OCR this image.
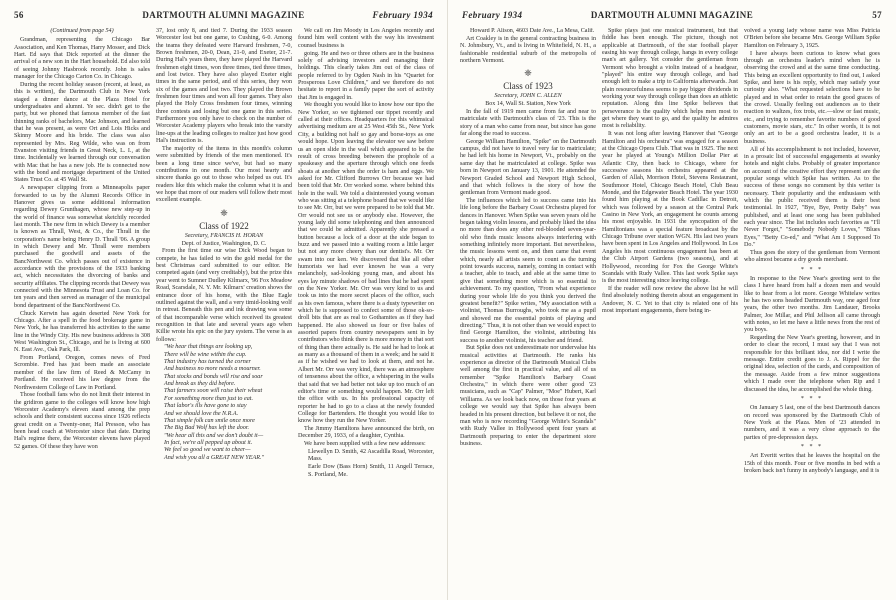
56	DARTMOUTH ALUMNI MAGAZINE	February 1934

(Continued from page 54)

Grandman, representing the Chicago Bar Association, and Ken Thomas, Harry Mosser, and Dick Hart. Ed says that Dick reported at the dinner the arrival of a new son in the Hart household. Ed also told of seeing Johnny Hasbrook recently. John is sales manager for the Chicago Carton Co. in Chicago.

During the recent holiday season (recent, at least, as this is written), the Dartmouth Club in New York staged a dinner dance at the Plaza Hotel for undergraduates and alumni. Ye sec. didn't get to the party, but we phoned that famous member of the fast thinning ranks of bachelors, Mac Johnson, and learned that he was present, as were Ort and Lois Hicks and Skinny Moore and his bride. The class was also represented by Mrs. Reg Wilde, who was on from Evanston visiting friends in Great Neck, L. I., at the time. Incidentally we learned through our conversation with Mac that he has a new job. He is connected now with the bond and mortgage department of the United States Trust Co. at 45 Wall St.

A newspaper clipping from a Minneapolis paper forwarded to us by the Alumni Records Office in Hanover gives us some additional information regarding Dewey Grunthagen, whose new step-up in the world of finance was somewhat sketchily recorded last month. The new firm in which Dewey is a member is known as Thrall, West, & Co., the Thrall in the corporation's name being Henry D. Thrall '06. A group in which Dewey and Mr. Thrall were members purchased the goodwill and assets of the BancNorthwest Co. which passes out of existence in accordance with the provisions of the 1933 banking act, which necessitates the divorcing of banks and security affiliates. The clipping records that Dewey was connected with the Minnesota Trust and Loan Co. for ten years and then served as manager of the municipal bond department of the BancNorthwest Co.

Chuck Kerwin has again deserted New York for Chicago. After a spell in the food brokerage game in New York, he has transferred his activities to the same line in the Windy City. His new business address is 308 West Washington St., Chicago, and he is living at 600 N. East Ave., Oak Park, Ill.

From Portland, Oregon, comes news of Fred Scrombie. Fred has just been made an associate member of the law firm of Reed & McCamy in Portland. He received his law degree from the Northwestern College of Law in Portland.

Those football fans who do not limit their interest in the gridiron game to the colleges will know how high Worcester Academy's eleven stand among the prep schools and their consistent success since 1926 reflects great credit on a Twenty-oner, Hal Presson, who has been head coach at Worcester since that date. During Hal's regime there, the Worcester elevens have played 52 games. Of these they have won

37, lost only 8, and tied 7. During the 1933 season Worcester lost but one game, to Cushing, 6-0. Among the teams they defeated were Harvard freshmen, 7-0, Brown freshmen, 20-0, Dean, 21-0, and Exeter, 21-7. During Hal's years there, they have played the Harvard freshmen eight times, won three times, tied three times, and lost twice. They have also played Exeter eight times in the same period, and of this series, they won six of the games and lost two. They played the Brown freshmen four times and won all four games. They also played the Holy Cross freshmen four times, winning three contests and losing but one game in this series. Furthermore you only have to check on the number of Worcester Academy players who break into the varsity line-ups at the leading colleges to realize just how good Hal's instruction is.

The majority of the items in this month's column were submitted by friends of the men mentioned. It's been a long time since we've, but had so many contributions in one month. Our most hearty and sincere thanks go out to those who helped us out. It's readers like this which make the column what it is and we hope that more of our readers will follow their most excellent example.

❈
Class of 1922

Secretary, FRANCIS H. HORAN

Dept. of Justice, Washington, D. C.

From the first time our wise Dick Wood began to compete, he has failed to win the gold medal for the best Christmas card submitted to our editor. He competed again (and very creditably), but the prize this year went to Sumner Dudley Kilmarx, '96 Fox Meadow Road, Scarsdale, N. Y. Mr. Kilmarx' creation shows the entrance door of his home, with the Blue Eagle outlined against the wall, and a very timid-looking wolf in retreat. Beneath this pen and ink drawing was some of that incomparable verse which received its greatest recognition in that late and several years ago when Killie wrote his epic on the jury system. The verse is as follows:

"We hear that things are looking up,

There will be wine within the cup.

That industry has turned the corner

And business no more needs a mourner.

That stocks and bonds will rise and soar

And break as they did before.

That farmers soon will raise their wheat

For something more than just to eat.

That labor's ills have gone to stay

And we should love the N.R.A.

That simple folk can smile once more

The Big Bad Wolf has left the door.

"We hear all this and we don't doubt it—

In fact, we're all pepped up about it.

We feel so good we want to cheer—

And wish you all a GREAT NEW YEAR."

We call on Jim Moody in Los Angeles recently and found him well content with the way his investment counsel business is

going. He and two or three others are in the business solely of advising investors and managing their holdings. This clearly takes Jim out of the class of people referred to by Ogden Nash in his "Quartet for Prosperous Love Children," and we therefore do not hesitate to report in a family paper the sort of activity that Jim is engaged in.

We thought you would like to know how our tipo the New Yorker, so we tightened our tippet recently and called at their offices. Headquarters for this whimsical advertising medium are at 25 West 45th St., New York City, a building not half so gay and borse-toys as one would hope. Upon leaving the elevator we saw before us an open slide in the wall which appeared to be the result of cross breeding between the prophole of a speakeasy and the aperture through which one feeds shoats at another when the order is ham and eggs. We asked for Mr. Clifford Burrows Orr because we had been told that Mr. Orr worked some. where behind this hole in the wall. We told a disinterested young woman who was sitting at a telephone board that we would like to see Mr. Orr, but we were prepared to be told that Mr. Orr would not see us or anybody else. However, the young lady did some telephoning and then announced that we could be admitted. Apparently she pressed a button because a lock of a door at the side began to buzz and we passed into a waiting room a little larger but not any more cheery than our dentist's. Mr. Orr swam into our ken. We discovered that like all other humorists we had ever known he was a very melancholy, sad-looking young man, and about his eyes lay minute shadows of bad lines that he had spent on the New Yorker. Mr. Orr was very kind to us and took us into the more secret places of the office, such as his own famous, where there is a dusty typewriter on which he is supposed to confect some of those ok-so-droll bits that are as real to Gothamites as if they had happened. He also showed us four or five bales of assorted papers from country newspapers sent in by contributors who think there is more money in that sort of thing than there actually is. He said he had to look at as many as a thousand of them in a week; and he said it as if he wished we had to look at them, and not he. Albert Mr. Orr was very kind, there was an atmosphere of tenseness about the office, a whispering in the walls that said that we had better not take up too much of an editor's time or something would happen. Mr. Orr left the office with us. In his professional capacity of reporter he had to go to a class at the newly founded College for Bartenders. He thought you would like to know how they run the New Yorker.

The Jimmy Hamiltons have announced the birth, on December 29, 1933, of a daughter, Cynthia.

We have been supplied with a few new addresses:

Llewellyn D. Smith, 42 Ascadilla Road, Worcester, Mass.

Earle Dow (Bass Horn) Smith, 11 Angell Terrace, S. Portland, Me.

February 1934	DARTMOUTH ALUMNI MAGAZINE	57

Howard P. Alison, 4603 Date Ave., La Mesa, Calif.

Art Coakley is in the general contracting business in N. Johnsbury, Vt., and is living in Whitefield, N. H., a fashionable residential suburb of the metropolis of northern Vermont.

❈
Class of 1923

Secretary, JOHN C. ALLEN

Box 14, Wall St. Station, New York

In the fall of 1919 men came from far and near to matriculate with Dartmouth's class of '23. This is the story of a man who came from near, but since has gone far along the road to success.

George William Hamilton, "Spike" on the Dartmouth campus, did not have to travel very far to matriculate; he had left his home in Newport, Vt., probably on the same day that he matriculated at college. Spike was born in Newport on January 13, 1901. He attended the Newport Graded School and Newport High School, and that which follows is the story of how the gentleman from Vermont made good.

The influences which led to success came into his life long before the Barbary Coast Orchestra played for dances in Hanover. When Spike was seven years old he began taking violin lessons, and probably liked the idea no more than does any other red-blooded seven-year-old who finds music lessons always interfering with something infinitely more important. But nevertheless, the music lessons went on, and then came that event which, nearly all artists seem to count as the turning point towards success, namely, coming in contact with a teacher, able to teach, and able at the same time to give that something more which is so essential to achievement. To my question, "From what experience during your whole life do you think you derived the greatest benefit?" Spike writes, "My association with a violinist, Thomas Burroughs, who took me as a pupil and showed me the essential points of playing and directing." Thus, it is not other than we would expect to find George Hamilton, the violinist, attributing his success to another violinist, his teacher and friend.

But Spike does not underestimate nor undervalue his musical activities at Dartmouth. He ranks his experience as director of the Dartmouth Musical Clubs well among the first in practical value, and all of us remember "Spike Hamilton's Barbary Coast Orchestra," in which there were other good '23 musicians, such as "Cap" Palmer, "Moe" Hubert, Karl Williams. As we look back now, on those four years at college we would say that Spike has always been headed in his present direction, but believe it or not, the man who is now recording "George White's Scandals" with Rudy Vallee in Hollywood spent four years at Dartmouth preparing to enter the department store business.

Spike plays just one musical instrument, but that fiddle has been enough. The picture, though not applicable at Dartmouth, of the star football player easing his way through college, hangs in every college man's art gallery. Yet consider the gentleman from Vermont who brought a violin instead of a headgear, "played" his entire way through college, and had enough left to make a trip to California afterwards. Just plain resourcefulness seems to pay bigger dividends in working your way through college than does an athletic reputation. Along this line Spike believes that perseverance is the quality which helps men most to get where they want to go, and the quality he admires most is reliability.

It was not long after leaving Hanover that "George Hamilton and his orchestra" was engaged for a season at the Chicago Opera Club. That was in 1925. The next year he played at Young's Million Dollar Pier at Atlantic City, then back to Chicago, where for successive seasons his orchestra appeared at the Garden of Allah, Morrison Hotel, Stevens Restaurant, Southmoor Hotel, Chicago Beach Hotel, Club Beau Monde, and the Edgewater Beach Hotel. The year 1930 found him playing at the Book Cadillac in Detroit, which was followed by a season at the Central Park Casino in New York, an engagement he counts among his most enjoyable. In 1931 the syncopation of the Hamiltonians was a special feature broadcast by the Chicago Tribune over station WGN. His last two years have been spent in Los Angeles and Hollywood. In Los Angeles his most continuous engagement has been at the Club Airport Gardens (two seasons), and at Hollywood, recording for Fox the George White's Scandals with Rudy Vallee. This last work Spike says is the most interesting since leaving college.

If the reader will now review the above list he will find absolutely nothing therein about an engagement in Andover, N. C. Yet to that city is related one of his most important engagements, there being in-

volved a young lady whose name was Miss Patricia O'Brien before she became Mrs. George William Spike Hamilton on February 3, 1925.

I have always been curious to know what goes through an orchestra leader's mind when he is observing the crowd and at the same time conducting. This being an excellent opportunity to find out, I asked Spike, and here is his reply, which may satisfy your curiosity also. "What requested selections have to be played and in what order to retain the good graces of the crowd. Usually feeling out audiences as to their reaction to waltzes, fox trots, etc.—slow or fast music, etc., and trying to remember favorite numbers of good customers, movie stars, etc." In other words, it is not only an art to be a good orchestra leader, it is a business.

All of his accomplishment is not included, however, in a prosaic list of successful engagements at swanky hotels and night clubs. Probably of greater importance on account of the creative effort they represent are the popular songs which Spike has written. As to the success of these songs no comment by this writer is necessary. Their popularity and the enthusiasm with which the public received them is their best testimonial. In 1927, "Bye, Bye, Pretty Baby" was published, and at least one song has been published each year since. The list includes such favorites as "I'll Never Forget," "Somebody Nobody Loves," "Blues Eyes," "Betty Co-ed," and "What Am I Supposed To Do."

Thus goes the story of the gentleman from Vermont who almost became a dry goods merchant.

* * *

In response to the New Year's greeting sent to the class I have heard from half a dozen men and would like to hear from a lot more. George Whitelaw writes he has two sons headed Dartmouth way, one aged four years, the other two months. Jim Landauer, Brooks Palmer, Joe Millar, and Phil Jellison all came through with notes, so let me have a little news from the rest of you boys.

Regarding the New Year's greeting, however, and in order to clear the record, I must say that I was not responsible for this brilliant idea, nor did I write the message. Entire credit goes to J. A. Rippel for the original idea, selection of the cards, and composition of the message. Aside from a few minor suggestions which I made over the telephone when Rip and I discussed the idea, he accomplished the whole thing.

* * *

On January 5 last, one of the best Dartmouth dances on record was sponsored by the Dartmouth Club of New York at the Plaza. Men of '23 attended in numbers, and it was a very close approach to the parties of pre-depression days.

* * *

Art Everitt writes that he leaves the hospital on the 15th of this month. Four or five months in bed with a broken back isn't funny in anybody's language, and it is
